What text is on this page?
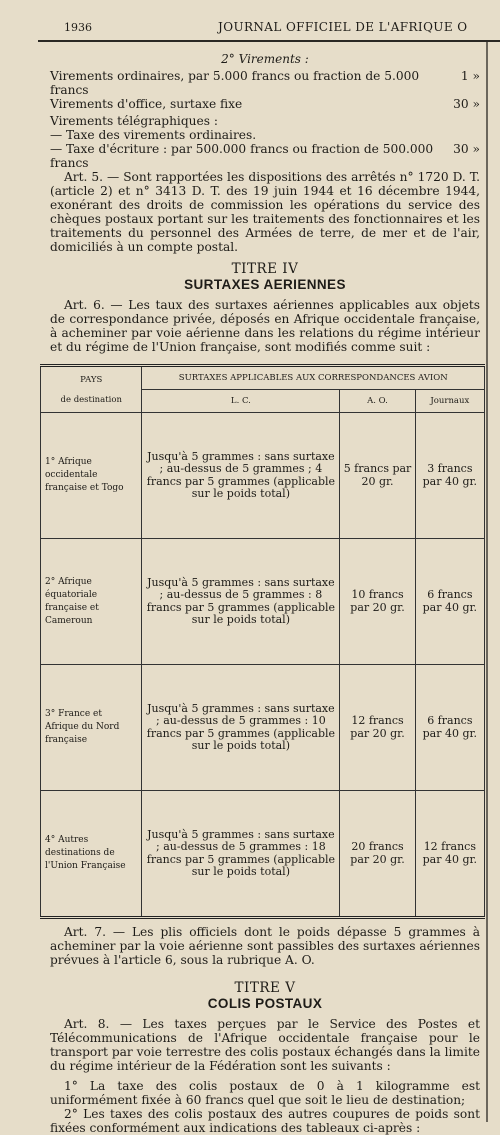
1936	JOURNAL OFFICIEL DE L'AFRIQUE O
2° Virements :
Virements ordinaires, par 5.000 francs ou fraction de 5.000 francs
1 »
Virements d'office, surtaxe fixe	30 »
Virements télégraphiques :
— Taxe des virements ordinaires.
— Taxe d'écriture : par 500.000 francs ou fraction de 500.000 francs
30 »

Art. 5. — Sont rapportées les dispositions des arrêtés n° 1720 D. T. (article 2) et n° 3413 D. T. des 19 juin 1944 et 16 décembre 1944, exonérant des droits de commission les opérations du service des chèques postaux portant sur les traitements des fonctionnaires et les traitements du personnel des Armées de terre, de mer et de l'air, domiciliés à un compte postal.

TITRE IV
SURTAXES AERIENNES

Art. 6. — Les taux des surtaxes aériennes applicables aux objets de correspondance privée, déposés en Afrique occidentale française, à acheminer par voie aérienne dans les relations du régime intérieur et du régime de l'Union française, sont modifiés comme suit :

PAYS
de destination	SURTAXES APPLICABLES AUX CORRESPONDANCES AVION		
	L. C.	A. O.	Journaux
1° Afrique occidentale française et Togo	Jusqu'à 5 grammes : sans surtaxe ; au-dessus de 5 grammes ; 4 francs par 5 grammes (applicable sur le poids total)	5 francs par 20 gr.	3 francs par 40 gr.
2° Afrique équatoriale française et Cameroun	Jusqu'à 5 grammes : sans surtaxe ; au-dessus de 5 grammes : 8 francs par 5 grammes (applicable sur le poids total)	10 francs par 20 gr.	6 francs par 40 gr.
3° France et Afrique du Nord française	Jusqu'à 5 grammes : sans surtaxe ; au-dessus de 5 grammes : 10 francs par 5 grammes (applicable sur le poids total)	12 francs par 20 gr.	6 francs par 40 gr.
4° Autres destinations de l'Union Française	Jusqu'à 5 grammes : sans surtaxe ; au-dessus de 5 grammes : 18 francs par 5 grammes (applicable sur le poids total)	20 francs par 20 gr.	12 francs par 40 gr.

Art. 7. — Les plis officiels dont le poids dépasse 5 grammes à acheminer par la voie aérienne sont passibles des surtaxes aériennes prévues à l'article 6, sous la rubrique A. O.

TITRE V
COLIS POSTAUX

Art. 8. — Les taxes perçues par le Service des Postes et Télécommunications de l'Afrique occidentale française pour le transport par voie terrestre des colis postaux échangés dans la limite du régime intérieur de la Fédération sont les suivants :

1° La taxe des colis postaux de 0 à 1 kilogramme est uniformément fixée à 60 francs quel que soit le lieu de destination;

2° Les taxes des colis postaux des autres coupures de poids sont fixées conformément aux indications des tableaux ci-après :
